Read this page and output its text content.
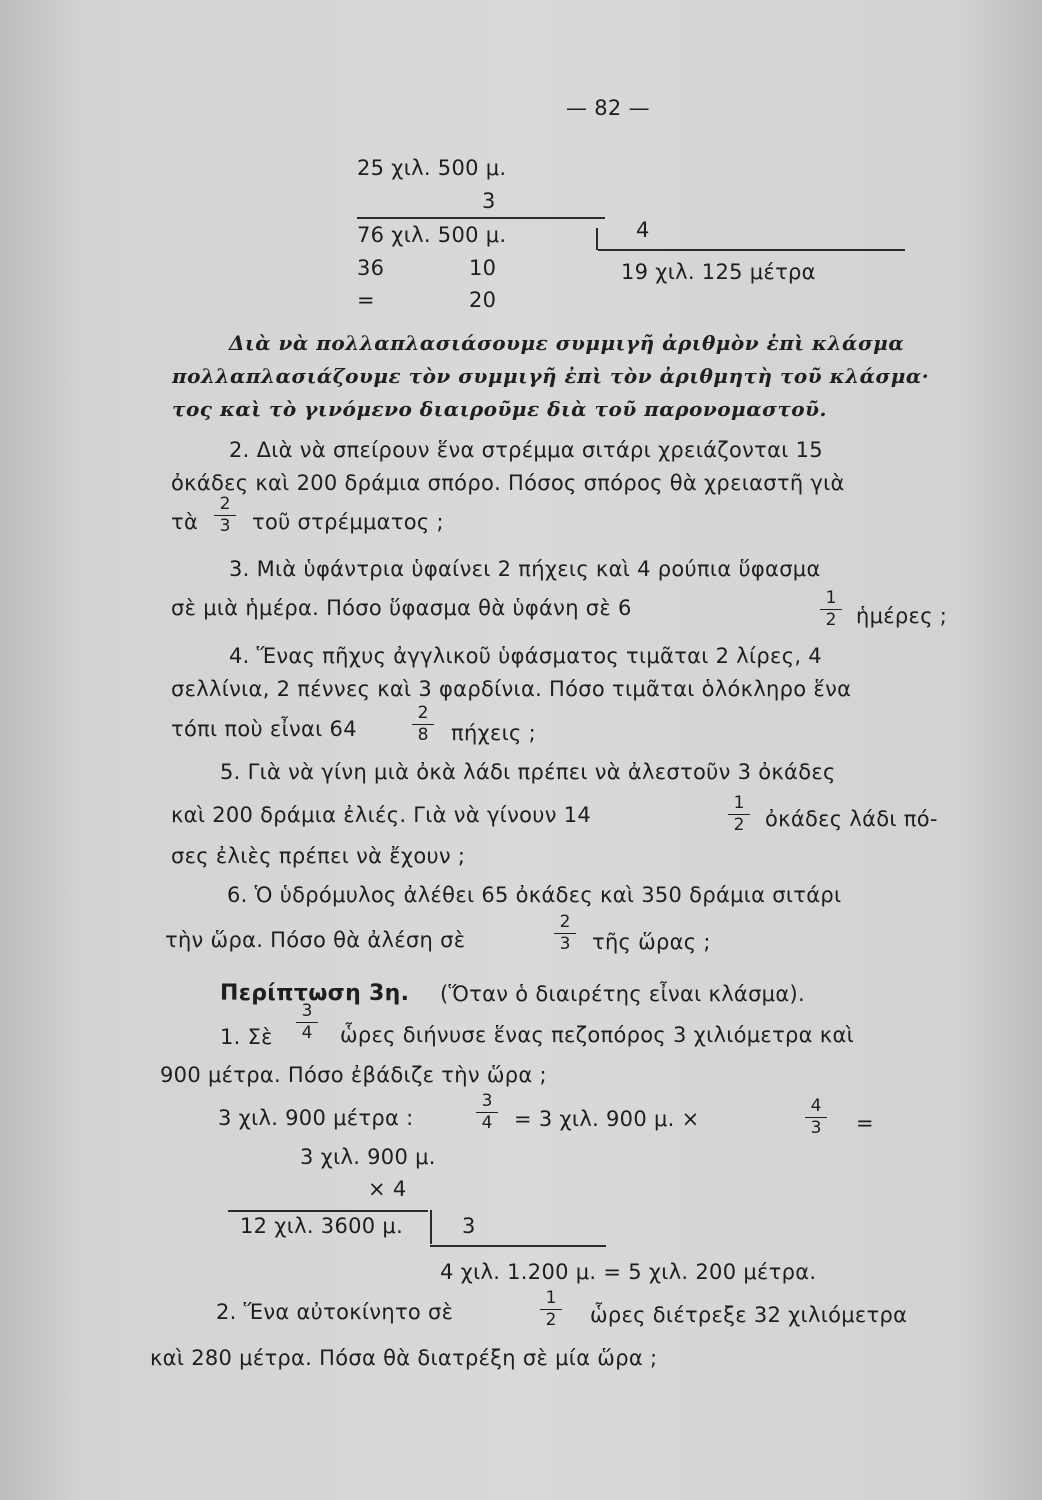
— 82 —
25 χιλ. 500 μ.
3
76 χιλ. 500 μ.	4
36	10	19 χιλ. 125 μέτρα
=	20
Διὰ νὰ πολλαπλασιάσουμε συμμιγῆ ἀριθμὸν ἐπὶ κλάσμα
πολλαπλασιάζουμε τὸν συμμιγῆ ἐπὶ τὸν ἀριθμητὴ τοῦ κλάσμα·
τος καὶ τὸ γινόμενο διαιροῦμε διὰ τοῦ παρονομαστοῦ.
2. Διὰ νὰ σπείρουν ἕνα στρέμμα σιτάρι χρειάζονται 15
ὀκάδες καὶ 200 δράμια σπόρο. Πόσος σπόρος θὰ χρειαστῆ γιὰ
τὰ
2
3 τοῦ στρέμματος ;
3. Μιὰ ὑφάντρια ὑφαίνει 2 πήχεις καὶ 4 ρούπια ὕφασμα
σὲ μιὰ ἡμέρα. Πόσο ὕφασμα θὰ ὑφάνη σὲ 6	1
2 ἡμέρες ;
4. Ἕνας πῆχυς ἀγγλικοῦ ὑφάσματος τιμᾶται 2 λίρες, 4
σελλίνια, 2 πέννες καὶ 3 φαρδίνια. Πόσο τιμᾶται ὁλόκληρο ἕνα
τόπι ποὺ εἶναι 64
2
8 πήχεις ;
5. Γιὰ νὰ γίνη μιὰ ὀκὰ λάδι πρέπει νὰ ἀλεστοῦν 3 ὀκάδες
καὶ 200 δράμια ἐλιές. Γιὰ νὰ γίνουν 14	1
2 ὀκάδες λάδι πό-
σες ἐλιὲς πρέπει νὰ ἔχουν ;
6. Ὁ ὑδρόμυλος ἀλέθει 65 ὀκάδες καὶ 350 δράμια σιτάρι
τὴν ὥρα. Πόσο θὰ ἀλέση σὲ
2
3 τῆς ὥρας ;
Περίπτωση 3η. (Ὅταν ὁ διαιρέτης εἶναι κλάσμα).
1. Σὲ
3
4 ὧρες διήνυσε ἕνας πεζοπόρος 3 χιλιόμετρα καὶ
900 μέτρα. Πόσο ἐβάδιζε τὴν ὥρα ;
3 χιλ. 900 μέτρα :
3
4 = 3 χιλ. 900 μ. ×
4
3 =
3 χιλ. 900 μ.
× 4
12 χιλ. 3600 μ.	3
4 χιλ. 1.200 μ. = 5 χιλ. 200 μέτρα.
2. Ἕνα αὐτοκίνητο σὲ
1
2 ὧρες διέτρεξε 32 χιλιόμετρα
καὶ 280 μέτρα. Πόσα θὰ διατρέξη σὲ μία ὥρα ;
